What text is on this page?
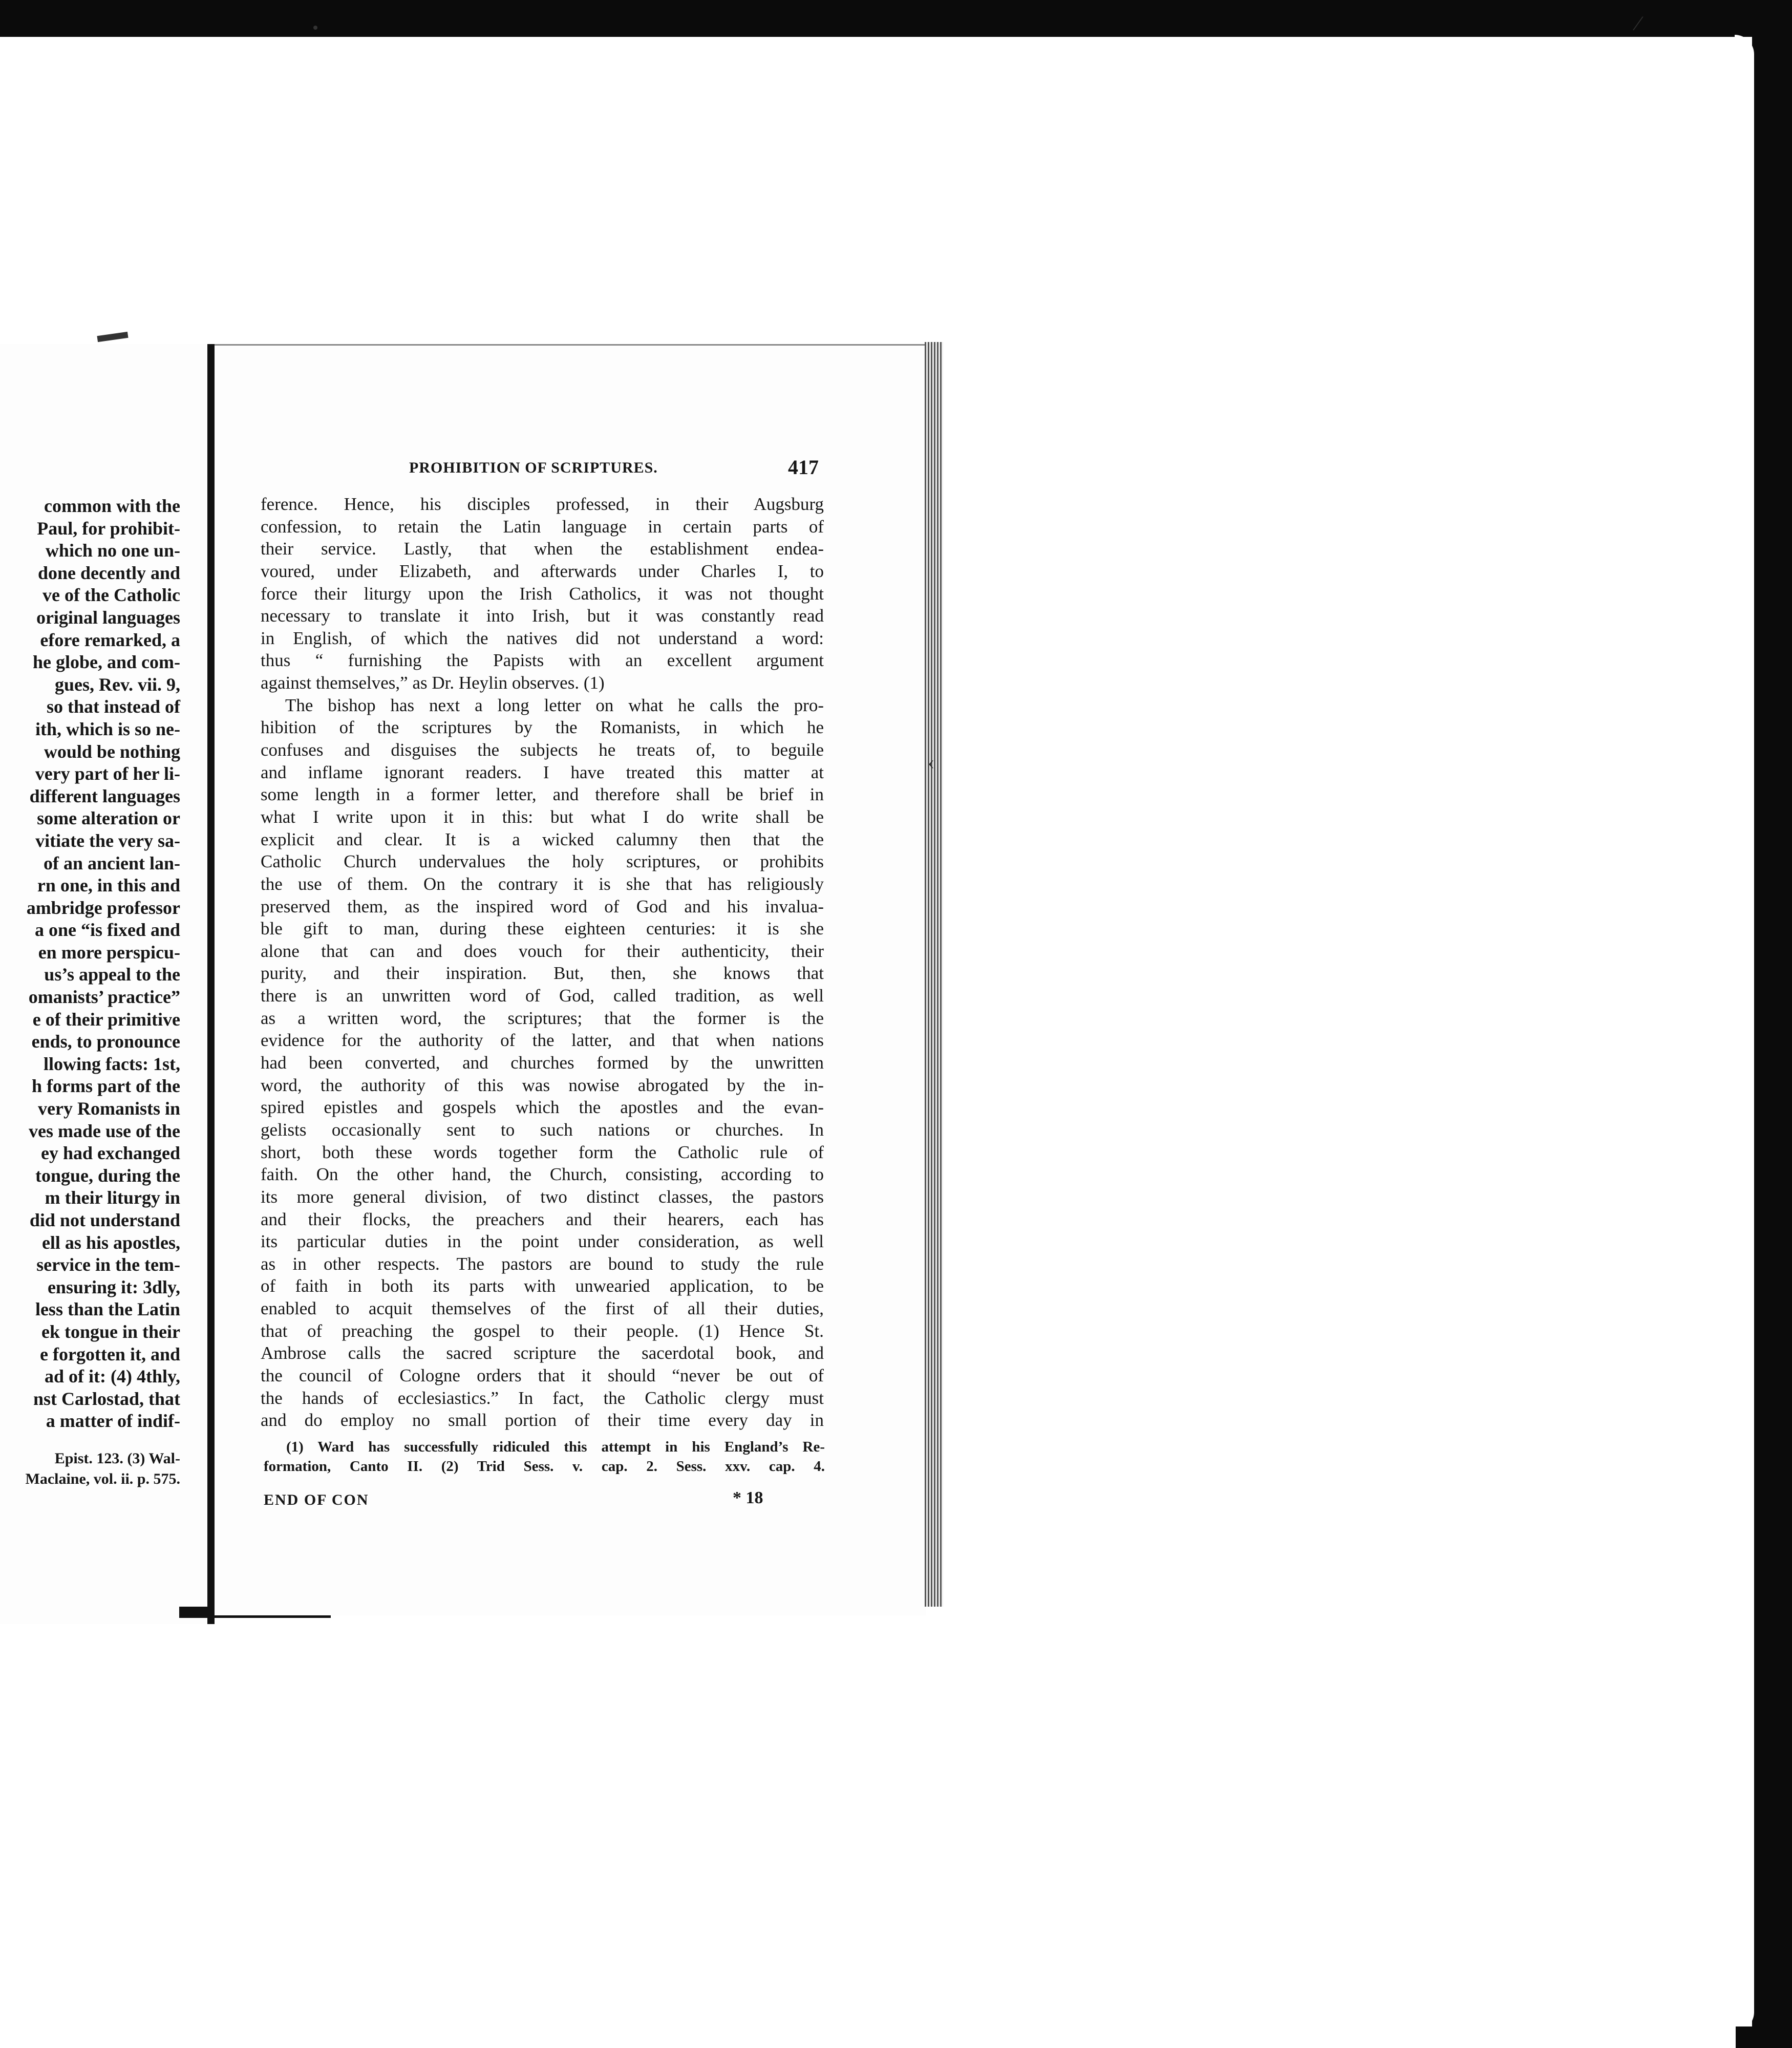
⁄
common with the
Paul, for prohibit-
which no one un-
done decently and
ve of the Catholic
original languages
efore remarked, a
he globe, and com-
gues, Rev. vii. 9,
so that instead of
ith, which is so ne-
would be nothing
very part of her li-
different languages
some alteration or
vitiate the very sa-
of an ancient lan-
rn one, in this and
ambridge professor
a one “is fixed and
en more perspicu-
us’s appeal to the
omanists’ practice”
e of their primitive
ends, to pronounce
llowing facts: 1st,
h forms part of the
very Romanists in
ves made use of the
ey had exchanged
tongue, during the
m their liturgy in
did not understand
ell as his apostles,
service in the tem-
ensuring it: 3dly,
less than the Latin
ek tongue in their
e forgotten it, and
ad of it: (4) 4thly,
nst Carlostad, that
a matter of indif-
Epist. 123. (3) Wal-
Maclaine, vol. ii. p. 575.
PROHIBITION OF SCRIPTURES.	417
ference. Hence, his disciples professed, in their Augsburg
confession, to retain the Latin language in certain parts of
their service. Lastly, that when the establishment endea-
voured, under Elizabeth, and afterwards under Charles I, to
force their liturgy upon the Irish Catholics, it was not thought
necessary to translate it into Irish, but it was constantly read
in English, of which the natives did not understand a word:
thus “ furnishing the Papists with an excellent argument
against themselves,” as Dr. Heylin observes. (1)
The bishop has next a long letter on what he calls the pro-
hibition of the scriptures by the Romanists, in which he
confuses and disguises the subjects he treats of, to beguile
and inflame ignorant readers. I have treated this matter at
some length in a former letter, and therefore shall be brief in
what I write upon it in this: but what I do write shall be
explicit and clear. It is a wicked calumny then that the
Catholic Church undervalues the holy scriptures, or prohibits
the use of them. On the contrary it is she that has religiously
preserved them, as the inspired word of God and his invalua-
ble gift to man, during these eighteen centuries: it is she
alone that can and does vouch for their authenticity, their
purity, and their inspiration. But, then, she knows that
there is an unwritten word of God, called tradition, as well
as a written word, the scriptures; that the former is the
evidence for the authority of the latter, and that when nations
had been converted, and churches formed by the unwritten
word, the authority of this was nowise abrogated by the in-
spired epistles and gospels which the apostles and the evan-
gelists occasionally sent to such nations or churches. In
short, both these words together form the Catholic rule of
faith. On the other hand, the Church, consisting, according to
its more general division, of two distinct classes, the pastors
and their flocks, the preachers and their hearers, each has
its particular duties in the point under consideration, as well
as in other respects. The pastors are bound to study the rule
of faith in both its parts with unwearied application, to be
enabled to acquit themselves of the first of all their duties,
that of preaching the gospel to their people. (1) Hence St.
Ambrose calls the sacred scripture the sacerdotal book, and
the council of Cologne orders that it should “never be out of
the hands of ecclesiastics.” In fact, the Catholic clergy must
and do employ no small portion of their time every day in
(1) Ward has successfully ridiculed this attempt in his England’s Re-
formation, Canto II. (2) Trid Sess. v. cap. 2. Sess. xxv. cap. 4.
END OF CON	* 18
‹
